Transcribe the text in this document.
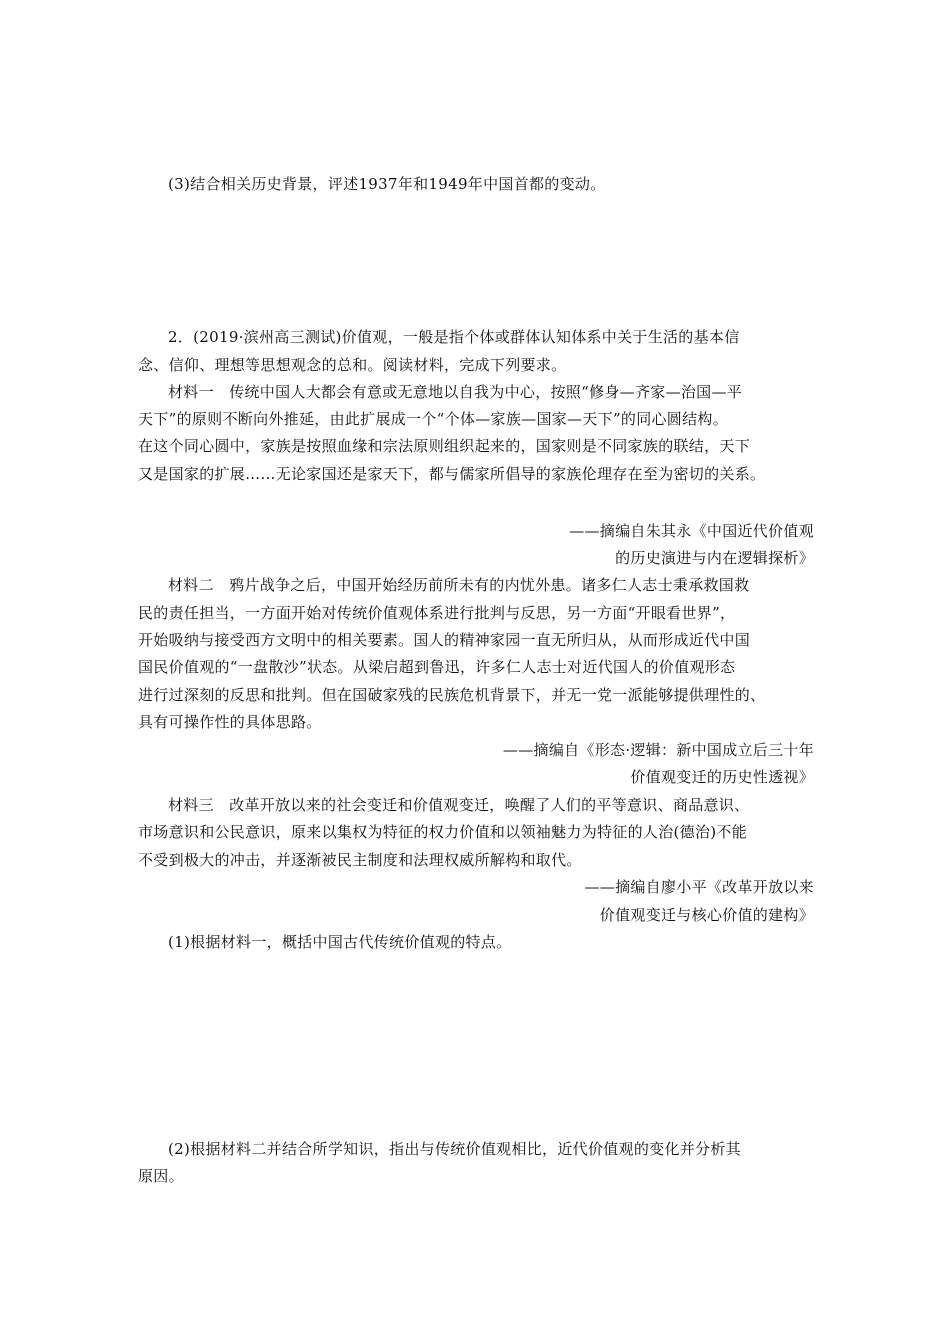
(3)结合相关历史背景，评述1937年和1949年中国首都的变动。
2．(2019·滨州高三测试)价值观，一般是指个体或群体认知体系中关于生活的基本信
念、信仰、理想等思想观念的总和。阅读材料，完成下列要求。
材料一　传统中国人大都会有意或无意地以自我为中心，按照“修身—齐家—治国—平
天下”的原则不断向外推延，由此扩展成一个“个体—家族—国家—天下”的同心圆结构。
在这个同心圆中，家族是按照血缘和宗法原则组织起来的，国家则是不同家族的联结，天下
又是国家的扩展……无论家国还是家天下，都与儒家所倡导的家族伦理存在至为密切的关系。
——摘编自朱其永《中国近代价值观
的历史演进与内在逻辑探析》
材料二　鸦片战争之后，中国开始经历前所未有的内忧外患。诸多仁人志士秉承救国救
民的责任担当，一方面开始对传统价值观体系进行批判与反思，另一方面“开眼看世界”，
开始吸纳与接受西方文明中的相关要素。国人的精神家园一直无所归从，从而形成近代中国
国民价值观的“一盘散沙”状态。从梁启超到鲁迅，许多仁人志士对近代国人的价值观形态
进行过深刻的反思和批判。但在国破家残的民族危机背景下，并无一党一派能够提供理性的、
具有可操作性的具体思路。
——摘编自《形态·逻辑：新中国成立后三十年
价值观变迁的历史性透视》
材料三　改革开放以来的社会变迁和价值观变迁，唤醒了人们的平等意识、商品意识、
市场意识和公民意识，原来以集权为特征的权力价值和以领袖魅力为特征的人治(德治)不能
不受到极大的冲击，并逐渐被民主制度和法理权威所解构和取代。
——摘编自廖小平《改革开放以来
价值观变迁与核心价值的建构》
(1)根据材料一，概括中国古代传统价值观的特点。
(2)根据材料二并结合所学知识，指出与传统价值观相比，近代价值观的变化并分析其
原因。
